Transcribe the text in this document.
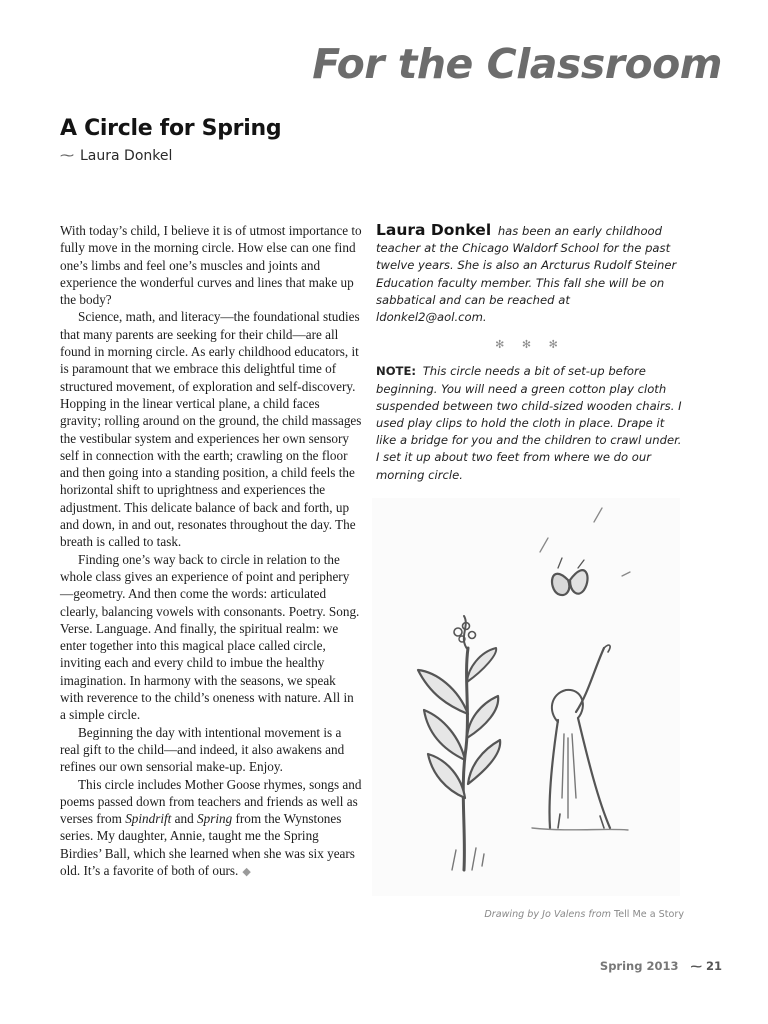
For the Classroom
A Circle for Spring

⁓ Laura Donkel

With today’s child, I believe it is of utmost importance to fully move in the morning circle. How else can one find one’s limbs and feel one’s muscles and joints and experience the wonderful curves and lines that make up the body?

Science, math, and literacy—the foundational studies that many parents are seeking for their child—are all found in morning circle. As early childhood educators, it is paramount that we embrace this delightful time of structured movement, of exploration and self-discovery. Hopping in the linear vertical plane, a child faces gravity; rolling around on the ground, the child massages the vestibular system and experiences her own sensory self in connection with the earth; crawling on the floor and then going into a standing position, a child feels the horizontal shift to uprightness and experiences the adjustment. This delicate balance of back and forth, up and down, in and out, resonates throughout the day. The breath is called to task.

Finding one’s way back to circle in relation to the whole class gives an experience of point and periphery—geometry. And then come the words: articulated clearly, balancing vowels with consonants. Poetry. Song. Verse. Language. And finally, the spiritual realm: we enter together into this magical place called circle, inviting each and every child to imbue the healthy imagination. In harmony with the seasons, we speak with reverence to the child’s oneness with nature. All in a simple circle.

Beginning the day with intentional movement is a real gift to the child—and indeed, it also awakens and refines our own sensorial make-up. Enjoy.

This circle includes Mother Goose rhymes, songs and poems passed down from teachers and friends as well as verses from Spindrift and Spring from the Wynstones series. My daughter, Annie, taught me the Spring Birdies’ Ball, which she learned when she was six years old. It’s a favorite of both of ours. ◆

Laura Donkel has been an early childhood teacher at the Chicago Waldorf School for the past twelve years. She is also an Arcturus Rudolf Steiner Education faculty member. This fall she will be on sabbatical and can be reached at ldonkel2@aol.com.

✻ ✻ ✻

NOTE: This circle needs a bit of set-up before beginning. You will need a green cotton play cloth suspended between two child-sized wooden chairs. I used play clips to hold the cloth in place. Drape it like a bridge for you and the children to crawl under. I set it up about two feet from where we do our morning circle.

Drawing by Jo Valens from Tell Me a Story

Spring 2013 ⁓ 21
